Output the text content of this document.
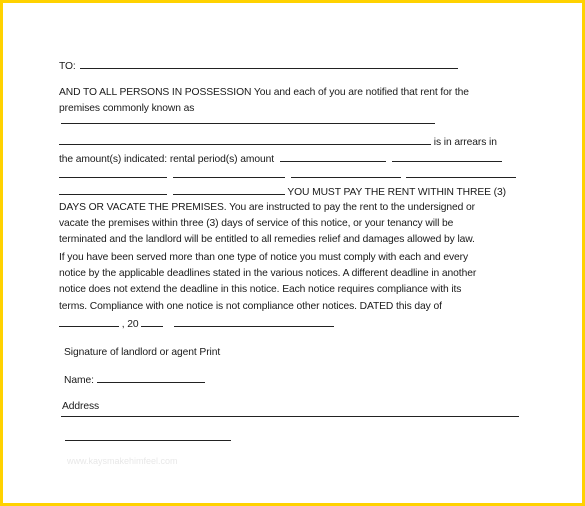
TO:
AND TO ALL PERSONS IN POSSESSION You and each of you are notified that rent for the
premises commonly known as
is in arrears in
the amount(s) indicated: rental period(s) amount

YOU MUST PAY THE RENT WITHIN THREE (3)
DAYS OR VACATE THE PREMISES. You are instructed to pay the rent to the undersigned or
vacate the premises within three (3) days of service of this notice, or your tenancy will be
terminated and the landlord will be entitled to all remedies relief and damages allowed by law.
If you have been served more than one type of notice you must comply with each and every
notice by the applicable deadlines stated in the various notices. A different deadline in another
notice does not extend the deadline in this notice. Each notice requires compliance with its
terms. Compliance with one notice is not compliance other notices. DATED this day of
, 20
Signature of landlord or agent Print
Name:
Address
www.kaysmakehimfeel.com
